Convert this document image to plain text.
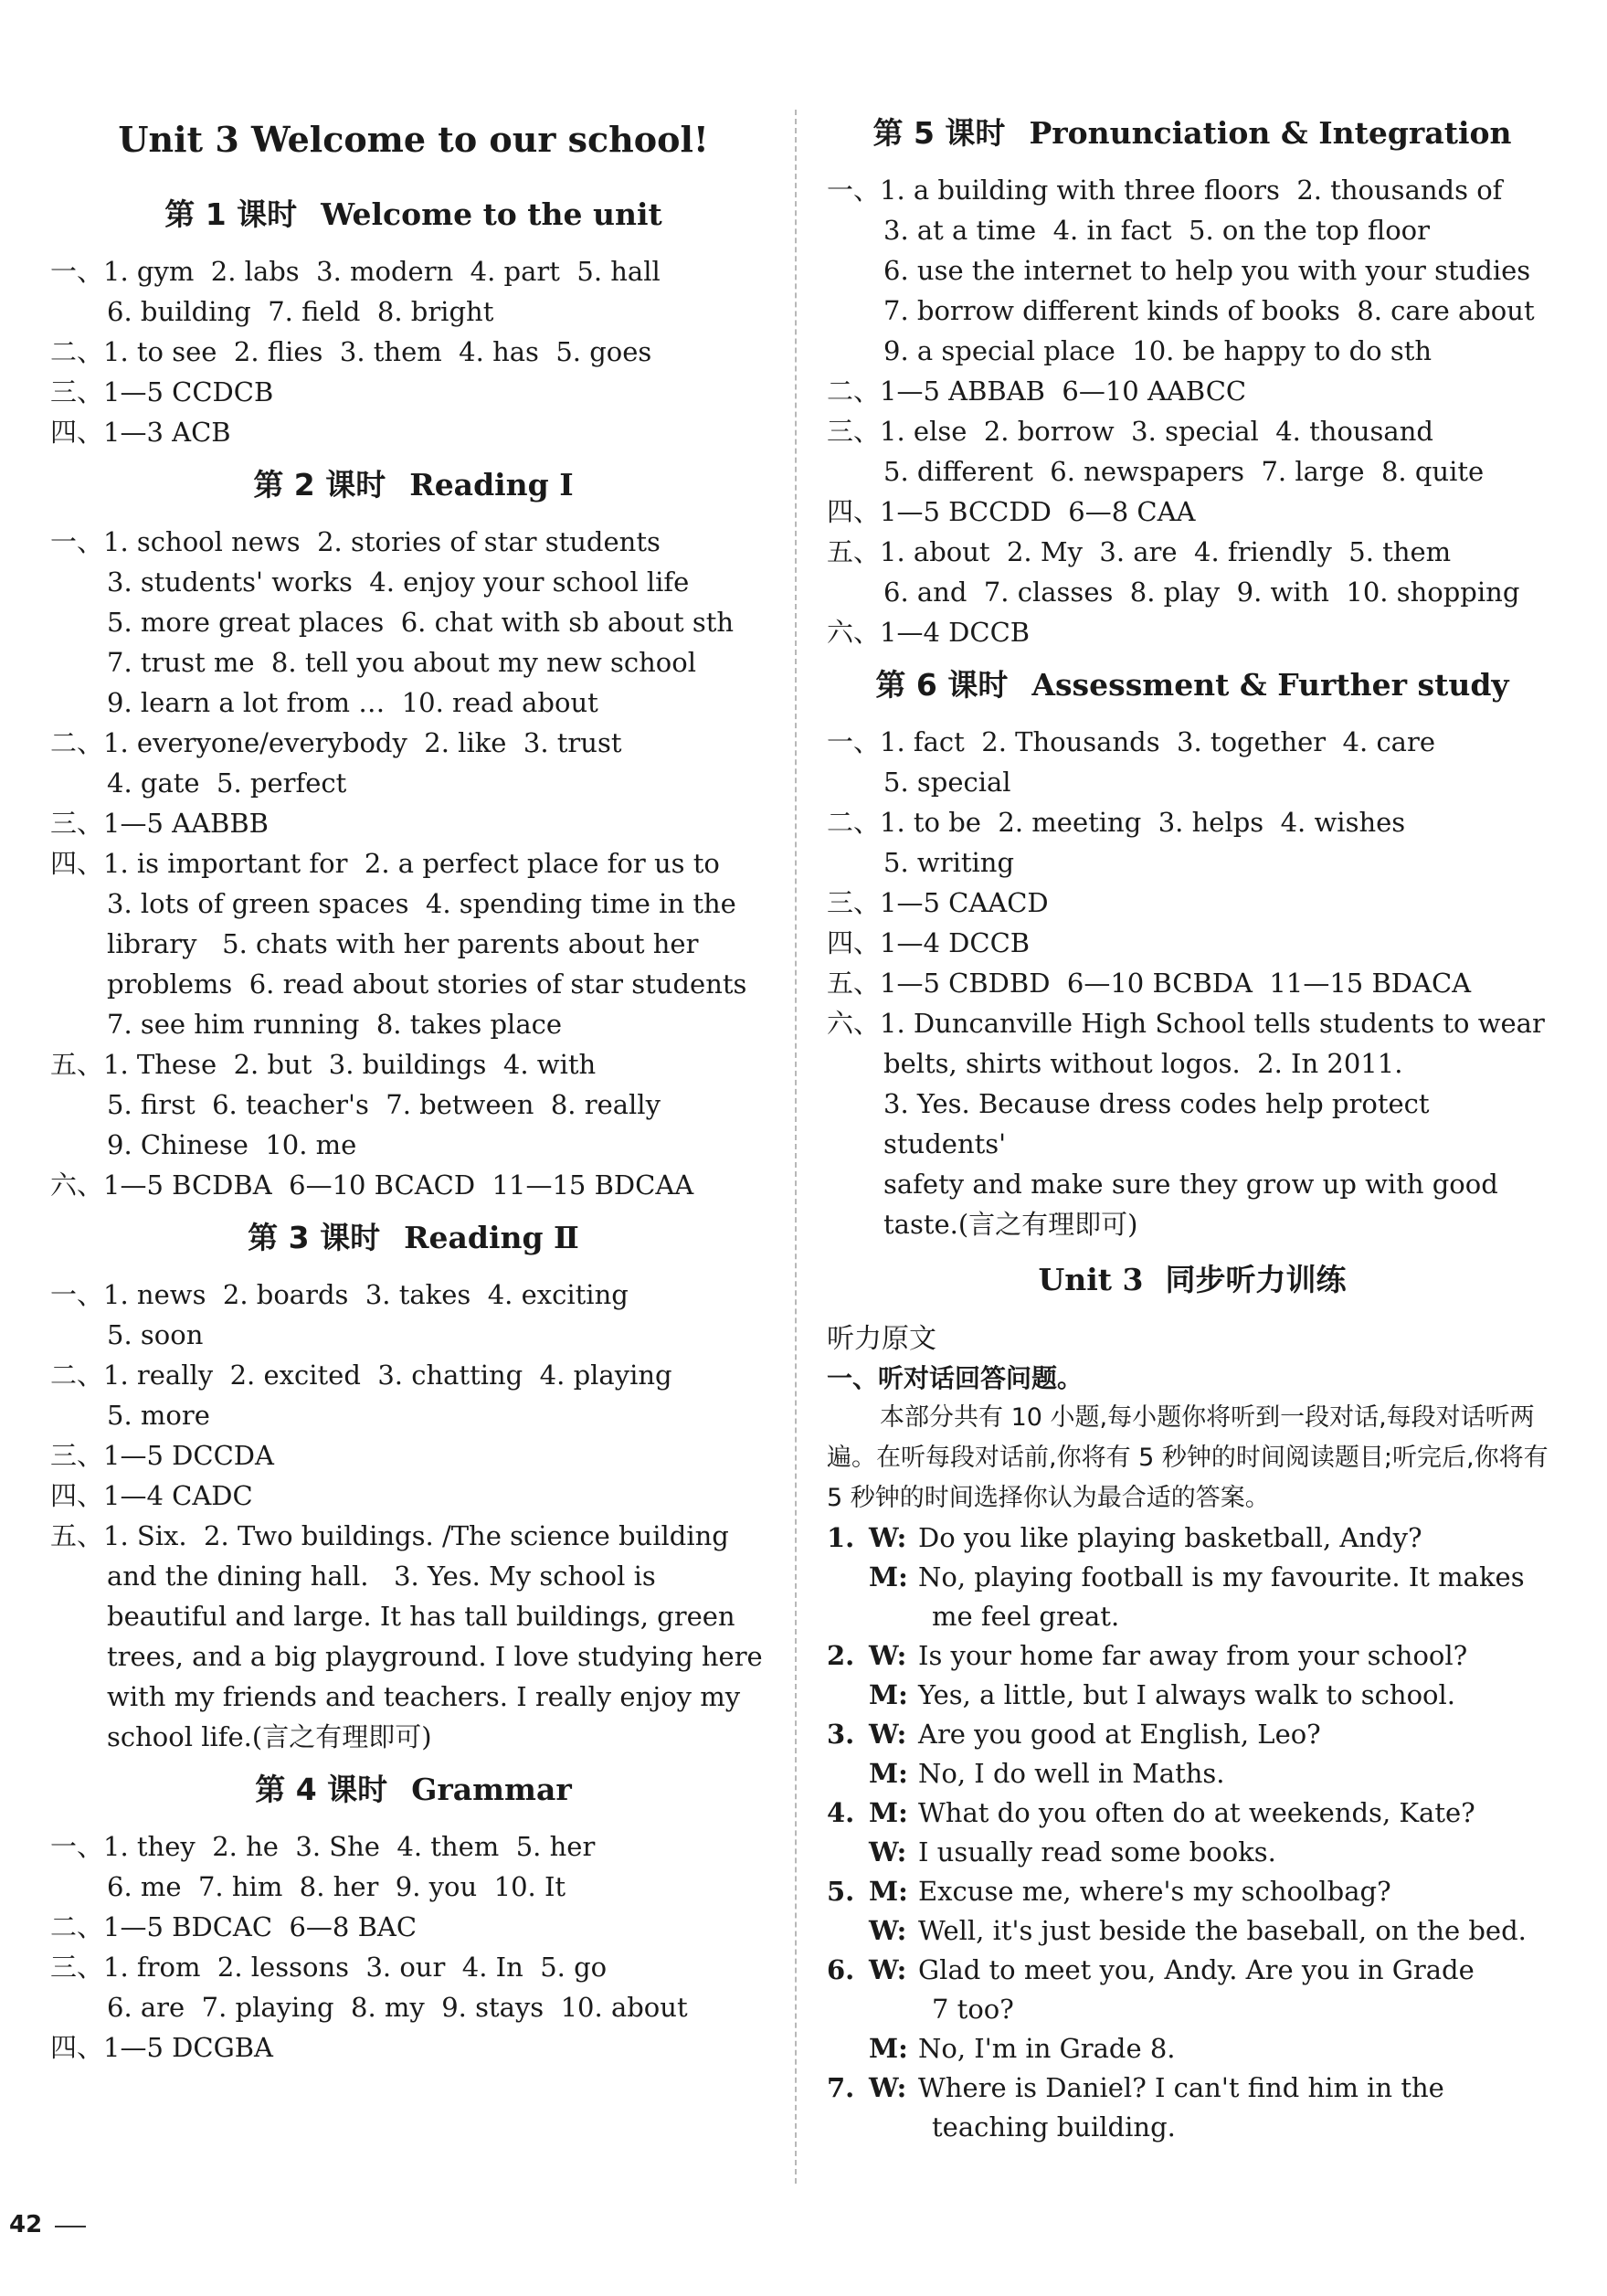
Unit 3 Welcome to our school!
第 1 课时 Welcome to the unit
一、1. gym  2. labs  3. modern  4. part  5. hall
6. building  7. field  8. bright
二、1. to see  2. flies  3. them  4. has  5. goes
三、1—5 CCDCB
四、1—3 ACB
第 2 课时 Reading Ⅰ
一、1. school news  2. stories of star students
3. students' works  4. enjoy your school life
5. more great places  6. chat with sb about sth
7. trust me  8. tell you about my new school
9. learn a lot from …  10. read about
二、1. everyone/everybody  2. like  3. trust
4. gate  5. perfect
三、1—5 AABBB
四、1. is important for  2. a perfect place for us to
3. lots of green spaces  4. spending time in the
library   5. chats with her parents about her
problems  6. read about stories of star students
7. see him running  8. takes place
五、1. These  2. but  3. buildings  4. with
5. first  6. teacher's  7. between  8. really
9. Chinese  10. me
六、1—5 BCDBA  6—10 BCACD  11—15 BDCAA
第 3 课时 Reading Ⅱ
一、1. news  2. boards  3. takes  4. exciting
5. soon
二、1. really  2. excited  3. chatting  4. playing
5. more
三、1—5 DCCDA
四、1—4 CADC
五、1. Six.  2. Two buildings. /The science building
and the dining hall.   3. Yes. My school is
beautiful and large. It has tall buildings, green
trees, and a big playground. I love studying here
with my friends and teachers. I really enjoy my
school life.(言之有理即可)
第 4 课时 Grammar
一、1. they  2. he  3. She  4. them  5. her
6. me  7. him  8. her  9. you  10. It
二、1—5 BDCAC  6—8 BAC
三、1. from  2. lessons  3. our  4. In  5. go
6. are  7. playing  8. my  9. stays  10. about
四、1—5 DCGBA
第 5 课时 Pronunciation & Integration
一、1. a building with three floors  2. thousands of
3. at a time  4. in fact  5. on the top floor
6. use the internet to help you with your studies
7. borrow different kinds of books  8. care about
9. a special place  10. be happy to do sth
二、1—5 ABBAB  6—10 AABCC
三、1. else  2. borrow  3. special  4. thousand
5. different  6. newspapers  7. large  8. quite
四、1—5 BCCDD  6—8 CAA
五、1. about  2. My  3. are  4. friendly  5. them
6. and  7. classes  8. play  9. with  10. shopping
六、1—4 DCCB
第 6 课时 Assessment & Further study
一、1. fact  2. Thousands  3. together  4. care
5. special
二、1. to be  2. meeting  3. helps  4. wishes
5. writing
三、1—5 CAACD
四、1—4 DCCB
五、1—5 CBDBD  6—10 BCBDA  11—15 BDACA
六、1. Duncanville High School tells students to wear
belts, shirts without logos.  2. In 2011.
3. Yes. Because dress codes help protect students'
safety and make sure they grow up with good
taste.(言之有理即可)
Unit 3 同步听力训练
听力原文
一、听对话回答问题。
本部分共有 10 小题,每小题你将听到一段对话,每段对话听两遍。在听每段对话前,你将有 5 秒钟的时间阅读题目;听完后,你将有 5 秒钟的时间选择你认为最合适的答案。
1. W: Do you like playing basketball, Andy?
M: No, playing football is my favourite. It makes
me feel great.
2. W: Is your home far away from your school?
M: Yes, a little, but I always walk to school.
3. W: Are you good at English, Leo?
M: No, I do well in Maths.
4. M: What do you often do at weekends, Kate?
W: I usually read some books.
5. M: Excuse me, where's my schoolbag?
W: Well, it's just beside the baseball, on the bed.
6. W: Glad to meet you, Andy. Are you in Grade
7 too?
M: No, I'm in Grade 8.
7. W: Where is Daniel? I can't find him in the
teaching building.
42
